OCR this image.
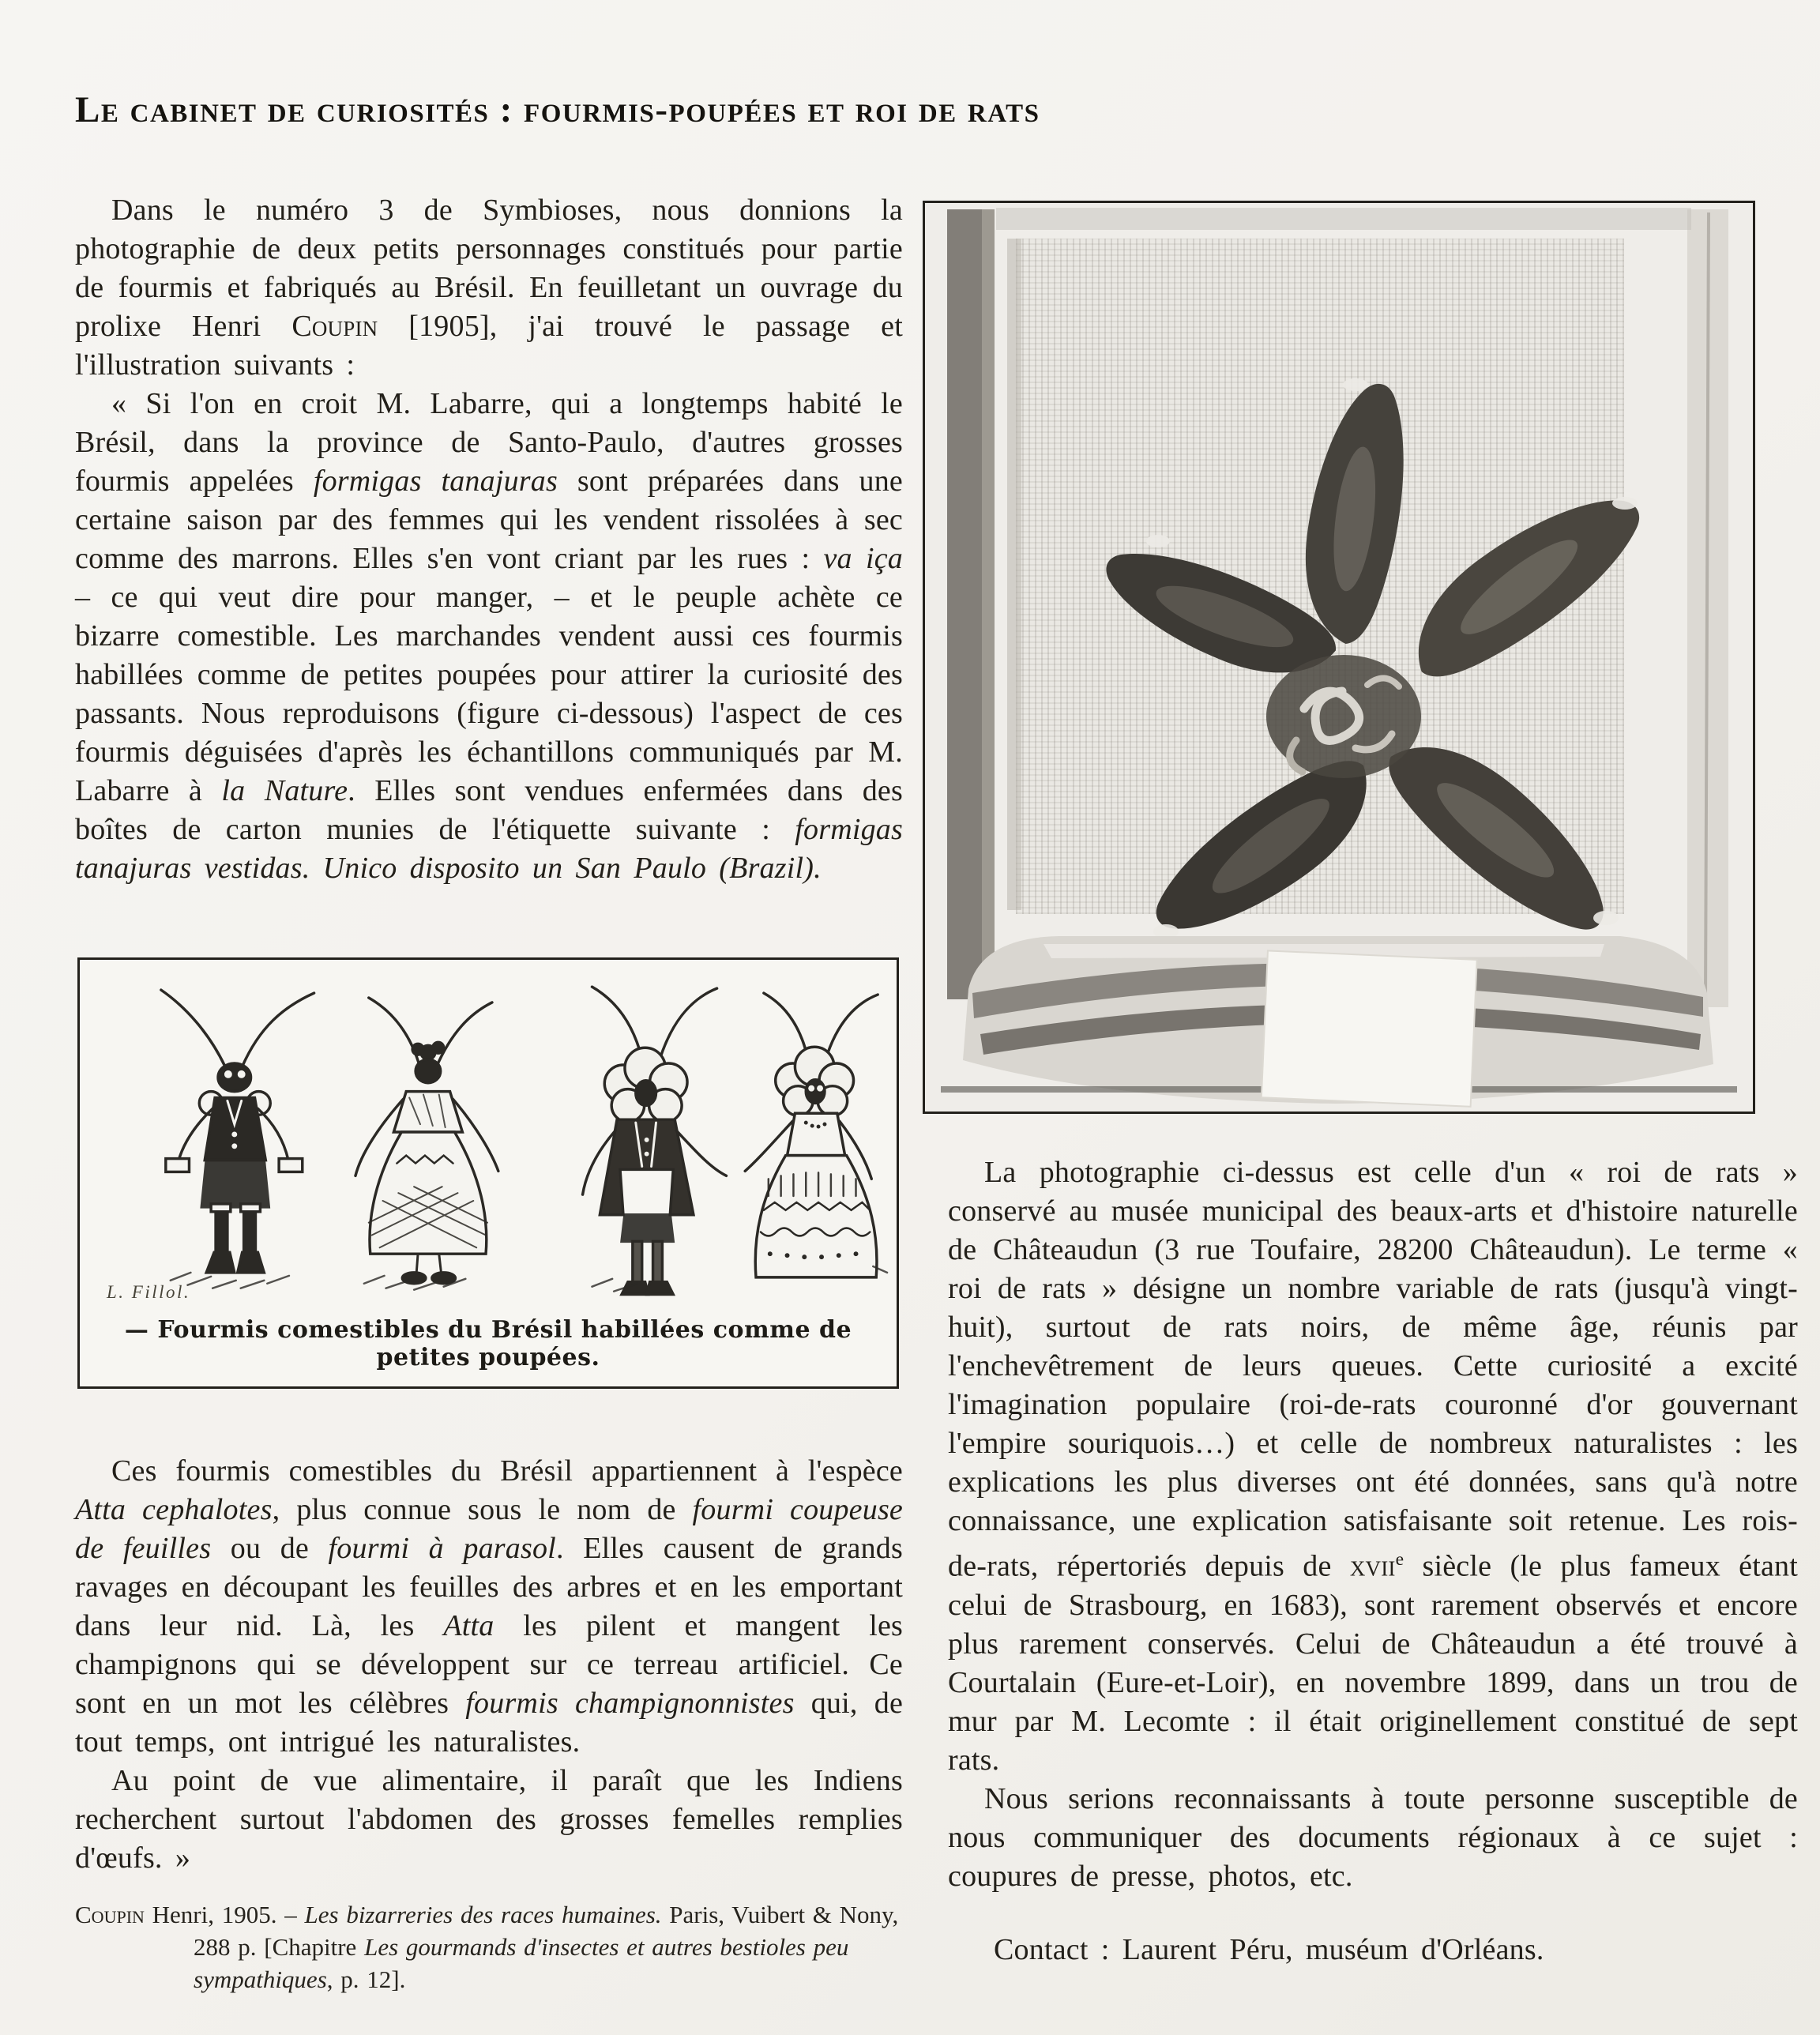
Le cabinet de curiosités : fourmis-poupées et roi de rats

Dans le numéro 3 de Symbioses, nous donnions la photographie de deux petits personnages constitués pour partie de fourmis et fabriqués au Brésil. En feuilletant un ouvrage du prolixe Henri Coupin [1905], j'ai trouvé le passage et l'illustration suivants :

« Si l'on en croit M. Labarre, qui a longtemps habité le Brésil, dans la province de Santo-Paulo, d'autres grosses fourmis appelées formigas tanajuras sont préparées dans une certaine saison par des femmes qui les vendent rissolées à sec comme des marrons. Elles s'en vont criant par les rues : va iça – ce qui veut dire pour manger, – et le peuple achète ce bizarre comestible. Les marchandes vendent aussi ces fourmis habillées comme de petites poupées pour attirer la curiosité des passants. Nous reproduisons (figure ci-dessous) l'aspect de ces fourmis déguisées d'après les échantillons communiqués par M. Labarre à la Nature. Elles sont vendues enfermées dans des boîtes de carton munies de l'étiquette suivante : formigas tanajuras vestidas. Unico disposito un San Paulo (Brazil).

L. Fillol.
— Fourmis comestibles du Brésil habillées comme de petites poupées.

Ces fourmis comestibles du Brésil appartiennent à l'espèce Atta cephalotes, plus connue sous le nom de fourmi coupeuse de feuilles ou de fourmi à parasol. Elles causent de grands ravages en découpant les feuilles des arbres et en les emportant dans leur nid. Là, les Atta les pilent et mangent les champignons qui se développent sur ce terreau artificiel. Ce sont en un mot les célèbres fourmis champignonnistes qui, de tout temps, ont intrigué les naturalistes.

Au point de vue alimentaire, il paraît que les Indiens recherchent surtout l'abdomen des grosses femelles remplies d'œufs. »

Coupin Henri, 1905. – Les bizarreries des races humaines. Paris, Vuibert & Nony, 288 p. [Chapitre Les gourmands d'insectes et autres bestioles peu sympathiques, p. 12].

La photographie ci-dessus est celle d'un « roi de rats » conservé au musée municipal des beaux-arts et d'histoire naturelle de Châteaudun (3 rue Toufaire, 28200 Châteaudun). Le terme « roi de rats » désigne un nombre variable de rats (jusqu'à vingt-huit), surtout de rats noirs, de même âge, réunis par l'enchevêtrement de leurs queues. Cette curiosité a excité l'imagination populaire (roi-de-rats couronné d'or gouvernant l'empire souriquois…) et celle de nombreux naturalistes : les explications les plus diverses ont été données, sans qu'à notre connaissance, une explication satisfaisante soit retenue. Les rois-de-rats, répertoriés depuis de xvii$^e$ siècle (le plus fameux étant celui de Strasbourg, en 1683), sont rarement observés et encore plus rarement conservés. Celui de Châteaudun a été trouvé à Courtalain (Eure-et-Loir), en novembre 1899, dans un trou de mur par M. Lecomte : il était originellement constitué de sept rats.

Nous serions reconnaissants à toute personne susceptible de nous communiquer des documents régionaux à ce sujet : coupures de presse, photos, etc.

Contact : Laurent Péru, muséum d'Orléans.
